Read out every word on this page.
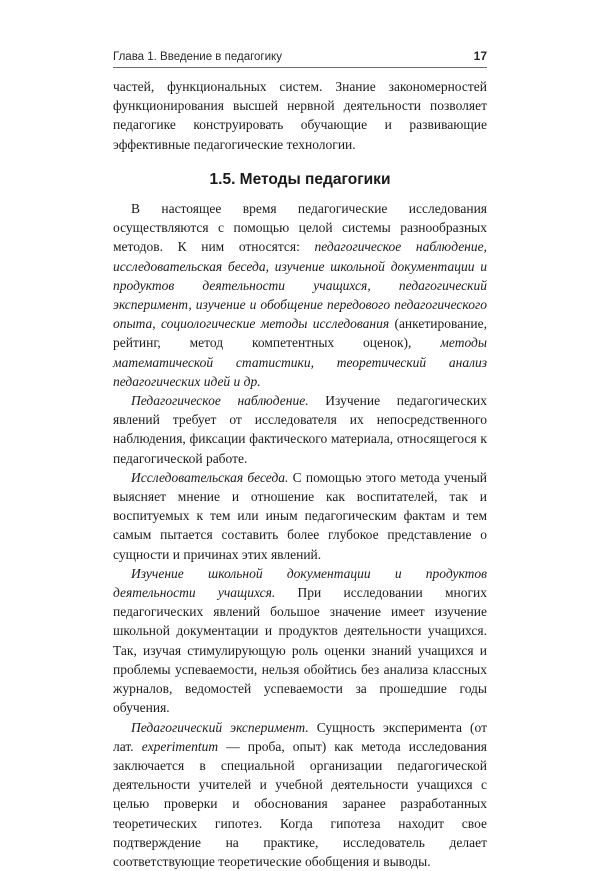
Глава 1. Введение в педагогику	17

частей, функциональных систем. Знание закономерностей функционирования высшей нервной деятельности позволяет педагогике конструировать обучающие и развивающие эффективные педагогические технологии.

1.5. Методы педагогики

В настоящее время педагогические исследования осуществляются с помощью целой системы разнообразных методов. К ним относятся: педагогическое наблюдение, исследовательская беседа, изучение школьной документации и продуктов деятельности учащихся, педагогический эксперимент, изучение и обобщение передового педагогического опыта, социологические методы исследования (анкетирование, рейтинг, метод компетентных оценок), методы математической статистики, теоретический анализ педагогических идей и др.

Педагогическое наблюдение. Изучение педагогических явлений требует от исследователя их непосредственного наблюдения, фиксации фактического материала, относящегося к педагогической работе.

Исследовательская беседа. С помощью этого метода ученый выясняет мнение и отношение как воспитателей, так и воспитуемых к тем или иным педагогическим фактам и тем самым пытается составить более глубокое представление о сущности и причинах этих явлений.

Изучение школьной документации и продуктов деятельности учащихся. При исследовании многих педагогических явлений большое значение имеет изучение школьной документации и продуктов деятельности учащихся. Так, изучая стимулирующую роль оценки знаний учащихся и проблемы успеваемости, нельзя обойтись без анализа классных журналов, ведомостей успеваемости за прошедшие годы обучения.

Педагогический эксперимент. Сущность эксперимента (от лат. experimentum — проба, опыт) как метода исследования заключается в специальной организации педагогической деятельности учителей и учебной деятельности учащихся с целью проверки и обоснования заранее разработанных теоретических гипотез. Когда гипотеза находит свое подтверждение на практике, исследователь делает соответствующие теоретические обобщения и выводы.
